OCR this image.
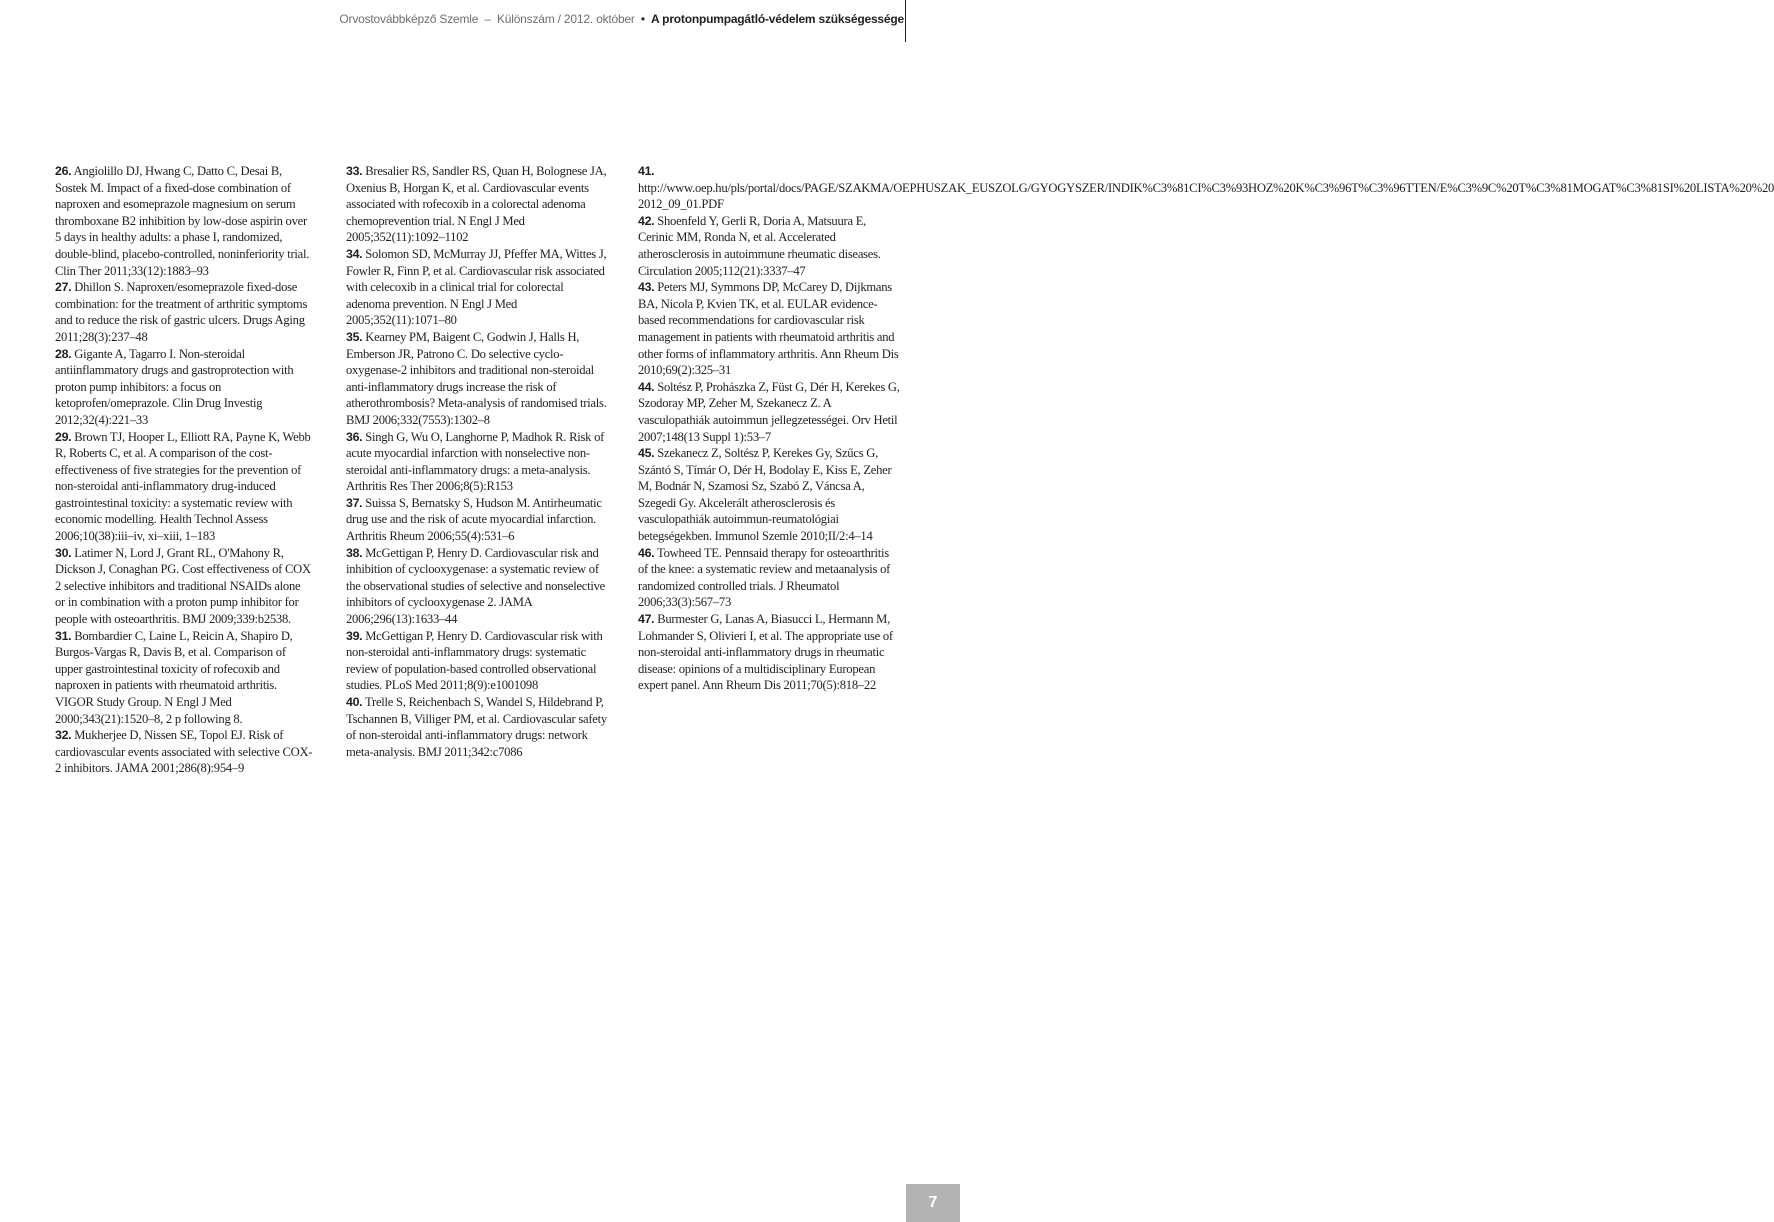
Orvostovábbképző Szemle – Különszám / 2012. október • A protonpumpagátló-védelem szükségessége

26. Angiolillo DJ, Hwang C, Datto C, Desai B, Sostek M. Impact of a fixed-dose combination of naproxen and esomeprazole magnesium on serum thromboxane B2 inhibition by low-dose aspirin over 5 days in healthy adults: a phase I, randomized, double-blind, placebo-controlled, noninferiority trial. Clin Ther 2011;33(12):1883–93

27. Dhillon S. Naproxen/esomeprazole fixed-dose combination: for the treatment of arthritic symptoms and to reduce the risk of gastric ulcers. Drugs Aging 2011;28(3):237–48

28. Gigante A, Tagarro I. Non-steroidal antiinflammatory drugs and gastroprotection with proton pump inhibitors: a focus on ketoprofen/omeprazole. Clin Drug Investig 2012;32(4):221–33

29. Brown TJ, Hooper L, Elliott RA, Payne K, Webb R, Roberts C, et al. A comparison of the cost-effectiveness of five strategies for the prevention of non-steroidal anti-inflammatory drug-induced gastrointestinal toxicity: a systematic review with economic modelling. Health Technol Assess 2006;10(38):iii–iv, xi–xiii, 1–183

30. Latimer N, Lord J, Grant RL, O'Mahony R, Dickson J, Conaghan PG. Cost effectiveness of COX 2 selective inhibitors and traditional NSAIDs alone or in combination with a proton pump inhibitor for people with osteoarthritis. BMJ 2009;339:b2538.

31. Bombardier C, Laine L, Reicin A, Shapiro D, Burgos-Vargas R, Davis B, et al. Comparison of upper gastrointestinal toxicity of rofecoxib and naproxen in patients with rheumatoid arthritis. VIGOR Study Group. N Engl J Med 2000;343(21):1520–8, 2 p following 8.

32. Mukherjee D, Nissen SE, Topol EJ. Risk of cardiovascular events associated with selective COX-2 inhibitors. JAMA 2001;286(8):954–9

33. Bresalier RS, Sandler RS, Quan H, Bolognese JA, Oxenius B, Horgan K, et al. Cardiovascular events associated with rofecoxib in a colorectal adenoma chemoprevention trial. N Engl J Med 2005;352(11):1092–1102

34. Solomon SD, McMurray JJ, Pfeffer MA, Wittes J, Fowler R, Finn P, et al. Cardiovascular risk associated with celecoxib in a clinical trial for colorectal adenoma prevention. N Engl J Med 2005;352(11):1071–80

35. Kearney PM, Baigent C, Godwin J, Halls H, Emberson JR, Patrono C. Do selective cyclo-oxygenase-2 inhibitors and traditional non-steroidal anti-inflammatory drugs increase the risk of atherothrombosis? Meta-analysis of randomised trials. BMJ 2006;332(7553):1302–8

36. Singh G, Wu O, Langhorne P, Madhok R. Risk of acute myocardial infarction with nonselective non-steroidal anti-inflammatory drugs: a meta-analysis. Arthritis Res Ther 2006;8(5):R153

37. Suissa S, Bernatsky S, Hudson M. Antirheumatic drug use and the risk of acute myocardial infarction. Arthritis Rheum 2006;55(4):531–6

38. McGettigan P, Henry D. Cardiovascular risk and inhibition of cyclooxygenase: a systematic review of the observational studies of selective and nonselective inhibitors of cyclooxygenase 2. JAMA 2006;296(13):1633–44

39. McGettigan P, Henry D. Cardiovascular risk with non-steroidal anti-inflammatory drugs: systematic review of population-based controlled observational studies. PLoS Med 2011;8(9):e1001098

40. Trelle S, Reichenbach S, Wandel S, Hildebrand P, Tschannen B, Villiger PM, et al. Cardiovascular safety of non-steroidal anti-inflammatory drugs: network meta-analysis. BMJ 2011;342:c7086

41. http://www.oep.hu/pls/portal/docs/PAGE/SZAKMA/OEPHUSZAK_EUSZOLG/GYOGYSZER/INDIK%C3%81CI%C3%93HOZ%20K%C3%96T%C3%96TTEN/E%C3%9C%20T%C3%81MOGAT%C3%81SI%20LISTA%20%20 2012_09_01.PDF

42. Shoenfeld Y, Gerli R, Doria A, Matsuura E, Cerinic MM, Ronda N, et al. Accelerated atherosclerosis in autoimmune rheumatic diseases. Circulation 2005;112(21):3337–47

43. Peters MJ, Symmons DP, McCarey D, Dijkmans BA, Nicola P, Kvien TK, et al. EULAR evidence-based recommendations for cardiovascular risk management in patients with rheumatoid arthritis and other forms of inflammatory arthritis. Ann Rheum Dis 2010;69(2):325–31

44. Soltész P, Prohászka Z, Füst G, Dér H, Kerekes G, Szodoray MP, Zeher M, Szekanecz Z. A vasculopathiák autoimmun jellegzetességei. Orv Hetil 2007;148(13 Suppl 1):53–7

45. Szekanecz Z, Soltész P, Kerekes Gy, Szűcs G, Szántó S, Tímár O, Dér H, Bodolay E, Kiss E, Zeher M, Bodnár N, Szamosi Sz, Szabó Z, Váncsa A, Szegedi Gy. Akcelerált atherosclerosis és vasculopathiák autoimmun-reumatológiai betegségekben. Immunol Szemle 2010;II/2:4–14

46. Towheed TE. Pennsaid therapy for osteoarthritis of the knee: a systematic review and metaanalysis of randomized controlled trials. J Rheumatol 2006;33(3):567–73

47. Burmester G, Lanas A, Biasucci L, Hermann M, Lohmander S, Olivieri I, et al. The appropriate use of non-steroidal anti-inflammatory drugs in rheumatic disease: opinions of a multidisciplinary European expert panel. Ann Rheum Dis 2011;70(5):818–22

7
